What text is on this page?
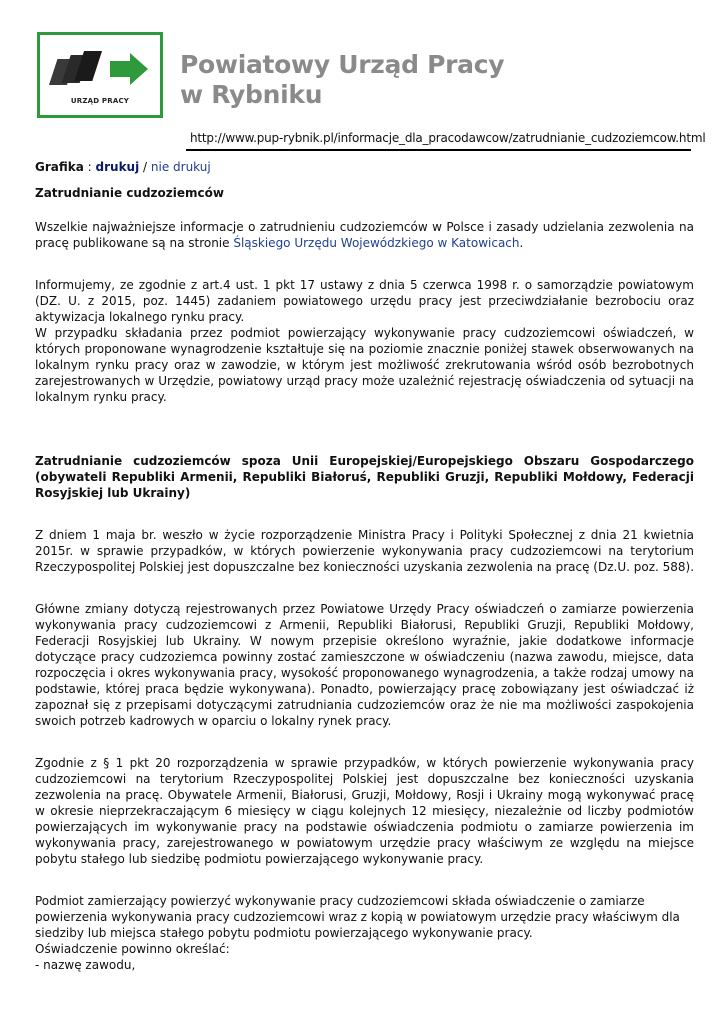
URZĄD PRACY
Powiatowy Urząd Pracy
w Rybniku
http://www.pup-rybnik.pl/informacje_dla_pracodawcow/zatrudnianie_cudzoziemcow.html

Grafika : drukuj / nie drukuj

Zatrudnianie cudzoziemców

Wszelkie najważniejsze informacje o zatrudnieniu cudzoziemców w Polsce i zasady udzielania zezwolenia na pracę publikowane są na stronie Śląskiego Urzędu Wojewódzkiego w Katowicach.

Informujemy, ze zgodnie z art.4 ust. 1 pkt 17 ustawy z dnia 5 czerwca 1998 r. o samorządzie powiatowym (DZ. U. z 2015, poz. 1445) zadaniem powiatowego urzędu pracy jest przeciwdziałanie bezrobociu oraz aktywizacja lokalnego rynku pracy.

W przypadku składania przez podmiot powierzający wykonywanie pracy cudzoziemcowi oświadczeń, w których proponowane wynagrodzenie kształtuje się na poziomie znacznie poniżej stawek obserwowanych na lokalnym rynku pracy oraz w zawodzie, w którym jest możliwość zrekrutowania wśród osób bezrobotnych zarejestrowanych w Urzędzie, powiatowy urząd pracy może uzależnić rejestrację oświadczenia od sytuacji na lokalnym rynku pracy.

Zatrudnianie cudzoziemców spoza Unii Europejskiej/Europejskiego Obszaru Gospodarczego (obywateli Republiki Armenii, Republiki Białoruś, Republiki Gruzji, Republiki Mołdowy, Federacji Rosyjskiej lub Ukrainy)

Z dniem 1 maja br. weszło w życie rozporządzenie Ministra Pracy i Polityki Społecznej z dnia 21 kwietnia 2015r. w sprawie przypadków, w których powierzenie wykonywania pracy cudzoziemcowi na terytorium Rzeczypospolitej Polskiej jest dopuszczalne bez konieczności uzyskania zezwolenia na pracę (Dz.U. poz. 588).

Główne zmiany dotyczą rejestrowanych przez Powiatowe Urzędy Pracy oświadczeń o zamiarze powierzenia wykonywania pracy cudzoziemcowi z Armenii, Republiki Białorusi, Republiki Gruzji, Republiki Mołdowy, Federacji Rosyjskiej lub Ukrainy. W nowym przepisie określono wyraźnie, jakie dodatkowe informacje dotyczące pracy cudzoziemca powinny zostać zamieszczone w oświadczeniu (nazwa zawodu, miejsce, data rozpoczęcia i okres wykonywania pracy, wysokość proponowanego wynagrodzenia, a także rodzaj umowy na podstawie, której praca będzie wykonywana). Ponadto, powierzający pracę zobowiązany jest oświadczać iż zapoznał się z przepisami dotyczącymi zatrudniania cudzoziemców oraz że nie ma możliwości zaspokojenia swoich potrzeb kadrowych w oparciu o lokalny rynek pracy.

Zgodnie z § 1 pkt 20 rozporządzenia w sprawie przypadków, w których powierzenie wykonywania pracy cudzoziemcowi na terytorium Rzeczypospolitej Polskiej jest dopuszczalne bez konieczności uzyskania zezwolenia na pracę. Obywatele Armenii, Białorusi, Gruzji, Mołdowy, Rosji i Ukrainy mogą wykonywać pracę w okresie nieprzekraczającym 6 miesięcy w ciągu kolejnych 12 miesięcy, niezależnie od liczby podmiotów powierzających im wykonywanie pracy na podstawie oświadczenia podmiotu o zamiarze powierzenia im wykonywania pracy, zarejestrowanego w powiatowym urzędzie pracy właściwym ze względu na miejsce pobytu stałego lub siedzibę podmiotu powierzającego wykonywanie pracy.

Podmiot zamierzający powierzyć wykonywanie pracy cudzoziemcowi składa oświadczenie o zamiarze powierzenia wykonywania pracy cudzoziemcowi wraz z kopią w powiatowym urzędzie pracy właściwym dla siedziby lub miejsca stałego pobytu podmiotu powierzającego wykonywanie pracy.

Oświadczenie powinno określać:

- nazwę zawodu,
